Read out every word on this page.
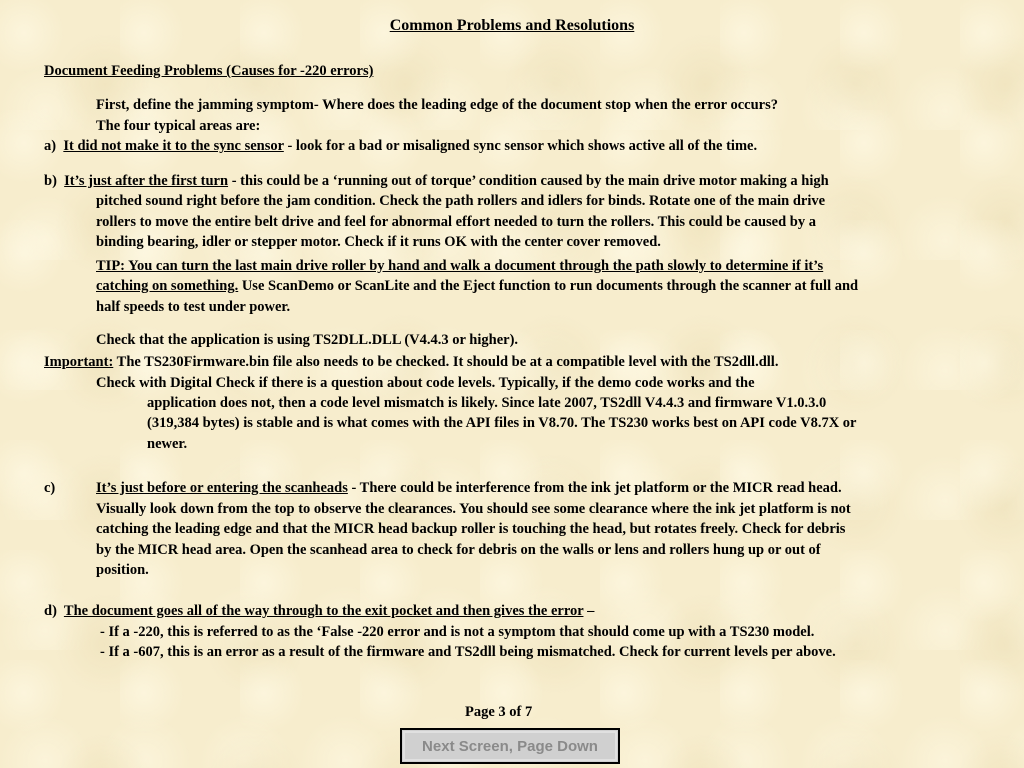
Common Problems and Resolutions
Document Feeding Problems (Causes for -220 errors)
First, define the jamming symptom- Where does the leading edge of the document stop when the error occurs?
The four typical areas are:
a) It did not make it to the sync sensor - look for a bad or misaligned sync sensor which shows active all of the time.
b) It’s just after the first turn - this could be a ‘running out of torque’ condition caused by the main drive motor making a high
pitched sound right before the jam condition. Check the path rollers and idlers for binds. Rotate one of the main drive
rollers to move the entire belt drive and feel for abnormal effort needed to turn the rollers. This could be caused by a
binding bearing, idler or stepper motor. Check if it runs OK with the center cover removed.
TIP: You can turn the last main drive roller by hand and walk a document through the path slowly to determine if it’s
catching on something. Use ScanDemo or ScanLite and the Eject function to run documents through the scanner at full and
half speeds to test under power.
Check that the application is using TS2DLL.DLL (V4.4.3 or higher).
Important: The TS230Firmware.bin file also needs to be checked. It should be at a compatible level with the TS2dll.dll.
Check with Digital Check if there is a question about code levels. Typically, if the demo code works and the
application does not, then a code level mismatch is likely. Since late 2007, TS2dll V4.4.3 and firmware V1.0.3.0
(319,384 bytes) is stable and is what comes with the API files in V8.70. The TS230 works best on API code V8.7X or
newer.
c)	It’s just before or entering the scanheads - There could be interference from the ink jet platform or the MICR read head.
Visually look down from the top to observe the clearances. You should see some clearance where the ink jet platform is not
catching the leading edge and that the MICR head backup roller is touching the head, but rotates freely. Check for debris
by the MICR head area. Open the scanhead area to check for debris on the walls or lens and rollers hung up or out of
position.
d) The document goes all of the way through to the exit pocket and then gives the error –
- If a -220, this is referred to as the ‘False -220 error and is not a symptom that should come up with a TS230 model.
- If a -607, this is an error as a result of the firmware and TS2dll being mismatched. Check for current levels per above.
Page 3 of 7
Next Screen, Page Down
